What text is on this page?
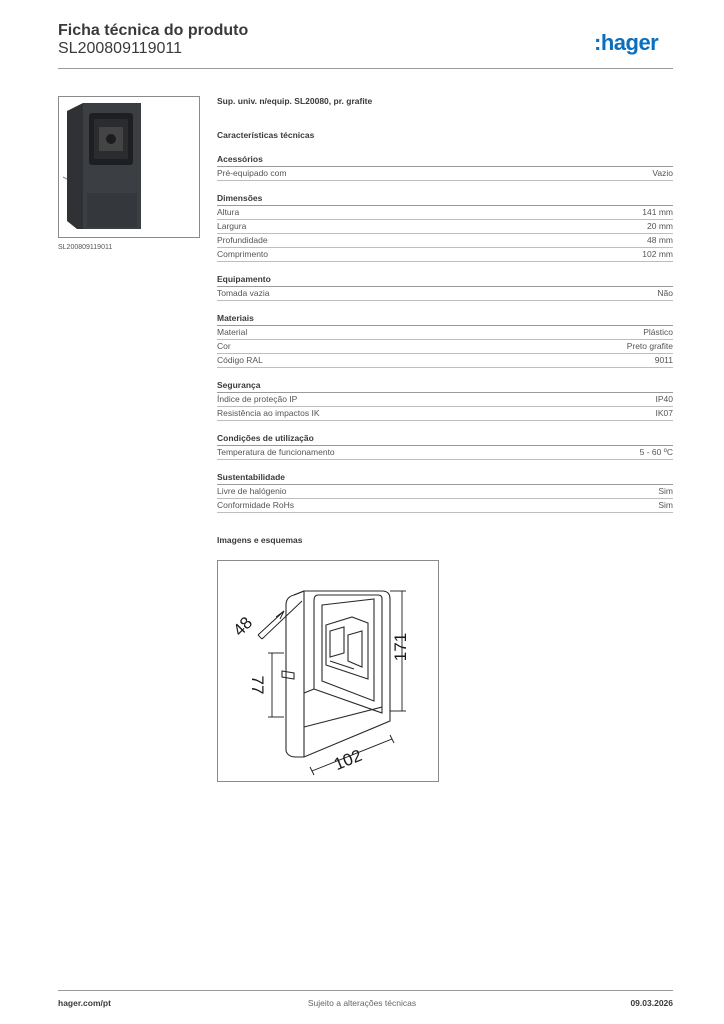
Ficha técnica do produto
SL200809119011	:hager
SL200809119011
Sup. univ. n/equip. SL20080, pr. grafite
Características técnicas
Acessórios
Pré-equipado com	Vazio
Dimensões
Altura	141 mm
Largura	20 mm
Profundidade	48 mm
Comprimento	102 mm
Equipamento
Tomada vazia	Não
Materiais
Material	Plástico
Cor	Preto grafite
Código RAL	9011
Segurança
Índice de proteção IP	IP40
Resistência ao impactos IK	IK07
Condições de utilização
Temperatura de funcionamento	5 - 60 ºC
Sustentabilidade
Livre de halógenio	Sim
Conformidade RoHs	Sim
Imagens e esquemas
48
171
77
102
hager.com/pt	Sujeito a alterações técnicas	09.03.2026
